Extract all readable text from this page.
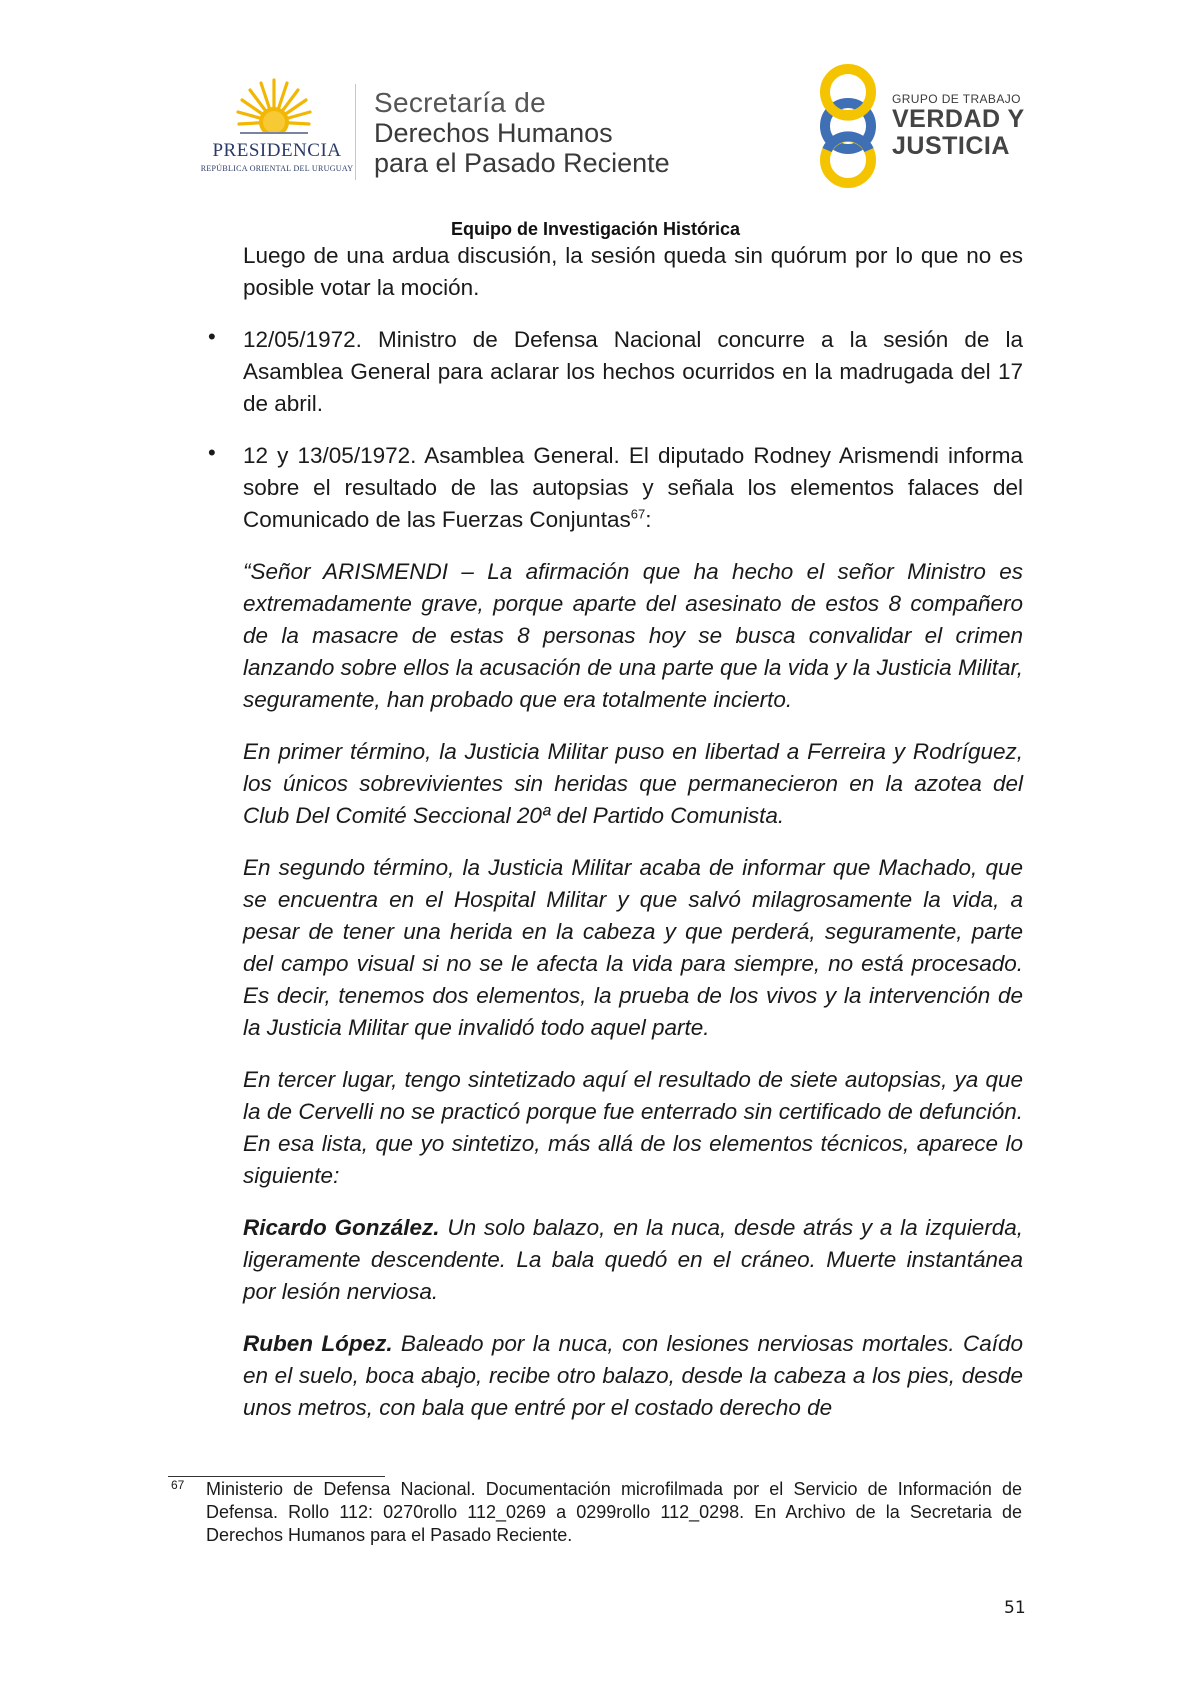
PRESIDENCIA
REPÚBLICA ORIENTAL DEL URUGUAY
Secretaría de
Derechos Humanos
para el Pasado Reciente
GRUPO DE TRABAJO
VERDAD Y
JUSTICIA
Equipo de Investigación Histórica

Luego de una ardua discusión, la sesión queda sin quórum por lo que no es posible votar la moción.

• 12/05/1972. Ministro de Defensa Nacional concurre a la sesión de la Asamblea General para aclarar los hechos ocurridos en la madrugada del 17 de abril.

• 12 y 13/05/1972. Asamblea General. El diputado Rodney Arismendi informa sobre el resultado de las autopsias y señala los elementos falaces del Comunicado de las Fuerzas Conjuntas$^{67}$:

“Señor ARISMENDI – La afirmación que ha hecho el señor Ministro es extremadamente grave, porque aparte del asesinato de estos 8 compañero de la masacre de estas 8 personas hoy se busca convalidar el crimen lanzando sobre ellos la acusación de una parte que la vida y la Justicia Militar, seguramente, han probado que era totalmente incierto.

En primer término, la Justicia Militar puso en libertad a Ferreira y Rodríguez, los únicos sobrevivientes sin heridas que permanecieron en la azotea del Club Del Comité Seccional 20ª del Partido Comunista.

En segundo término, la Justicia Militar acaba de informar que Machado, que se encuentra en el Hospital Militar y que salvó milagrosamente la vida, a pesar de tener una herida en la cabeza y que perderá, seguramente, parte del campo visual si no se le afecta la vida para siempre, no está procesado. Es decir, tenemos dos elementos, la prueba de los vivos y la intervención de la Justicia Militar que invalidó todo aquel parte.

En tercer lugar, tengo sintetizado aquí el resultado de siete autopsias, ya que la de Cervelli no se practicó porque fue enterrado sin certificado de defunción. En esa lista, que yo sintetizo, más allá de los elementos técnicos, aparece lo siguiente:

Ricardo González. Un solo balazo, en la nuca, desde atrás y a la izquierda, ligeramente descendente. La bala quedó en el cráneo. Muerte instantánea por lesión nerviosa.

Ruben López. Baleado por la nuca, con lesiones nerviosas mortales. Caído en el suelo, boca abajo, recibe otro balazo, desde la cabeza a los pies, desde unos metros, con bala que entré por el costado derecho de

67 Ministerio de Defensa Nacional. Documentación microfilmada por el Servicio de Información de Defensa. Rollo 112: 0270rollo 112_0269 a 0299rollo 112_0298. En Archivo de la Secretaria de Derechos Humanos para el Pasado Reciente.
51
